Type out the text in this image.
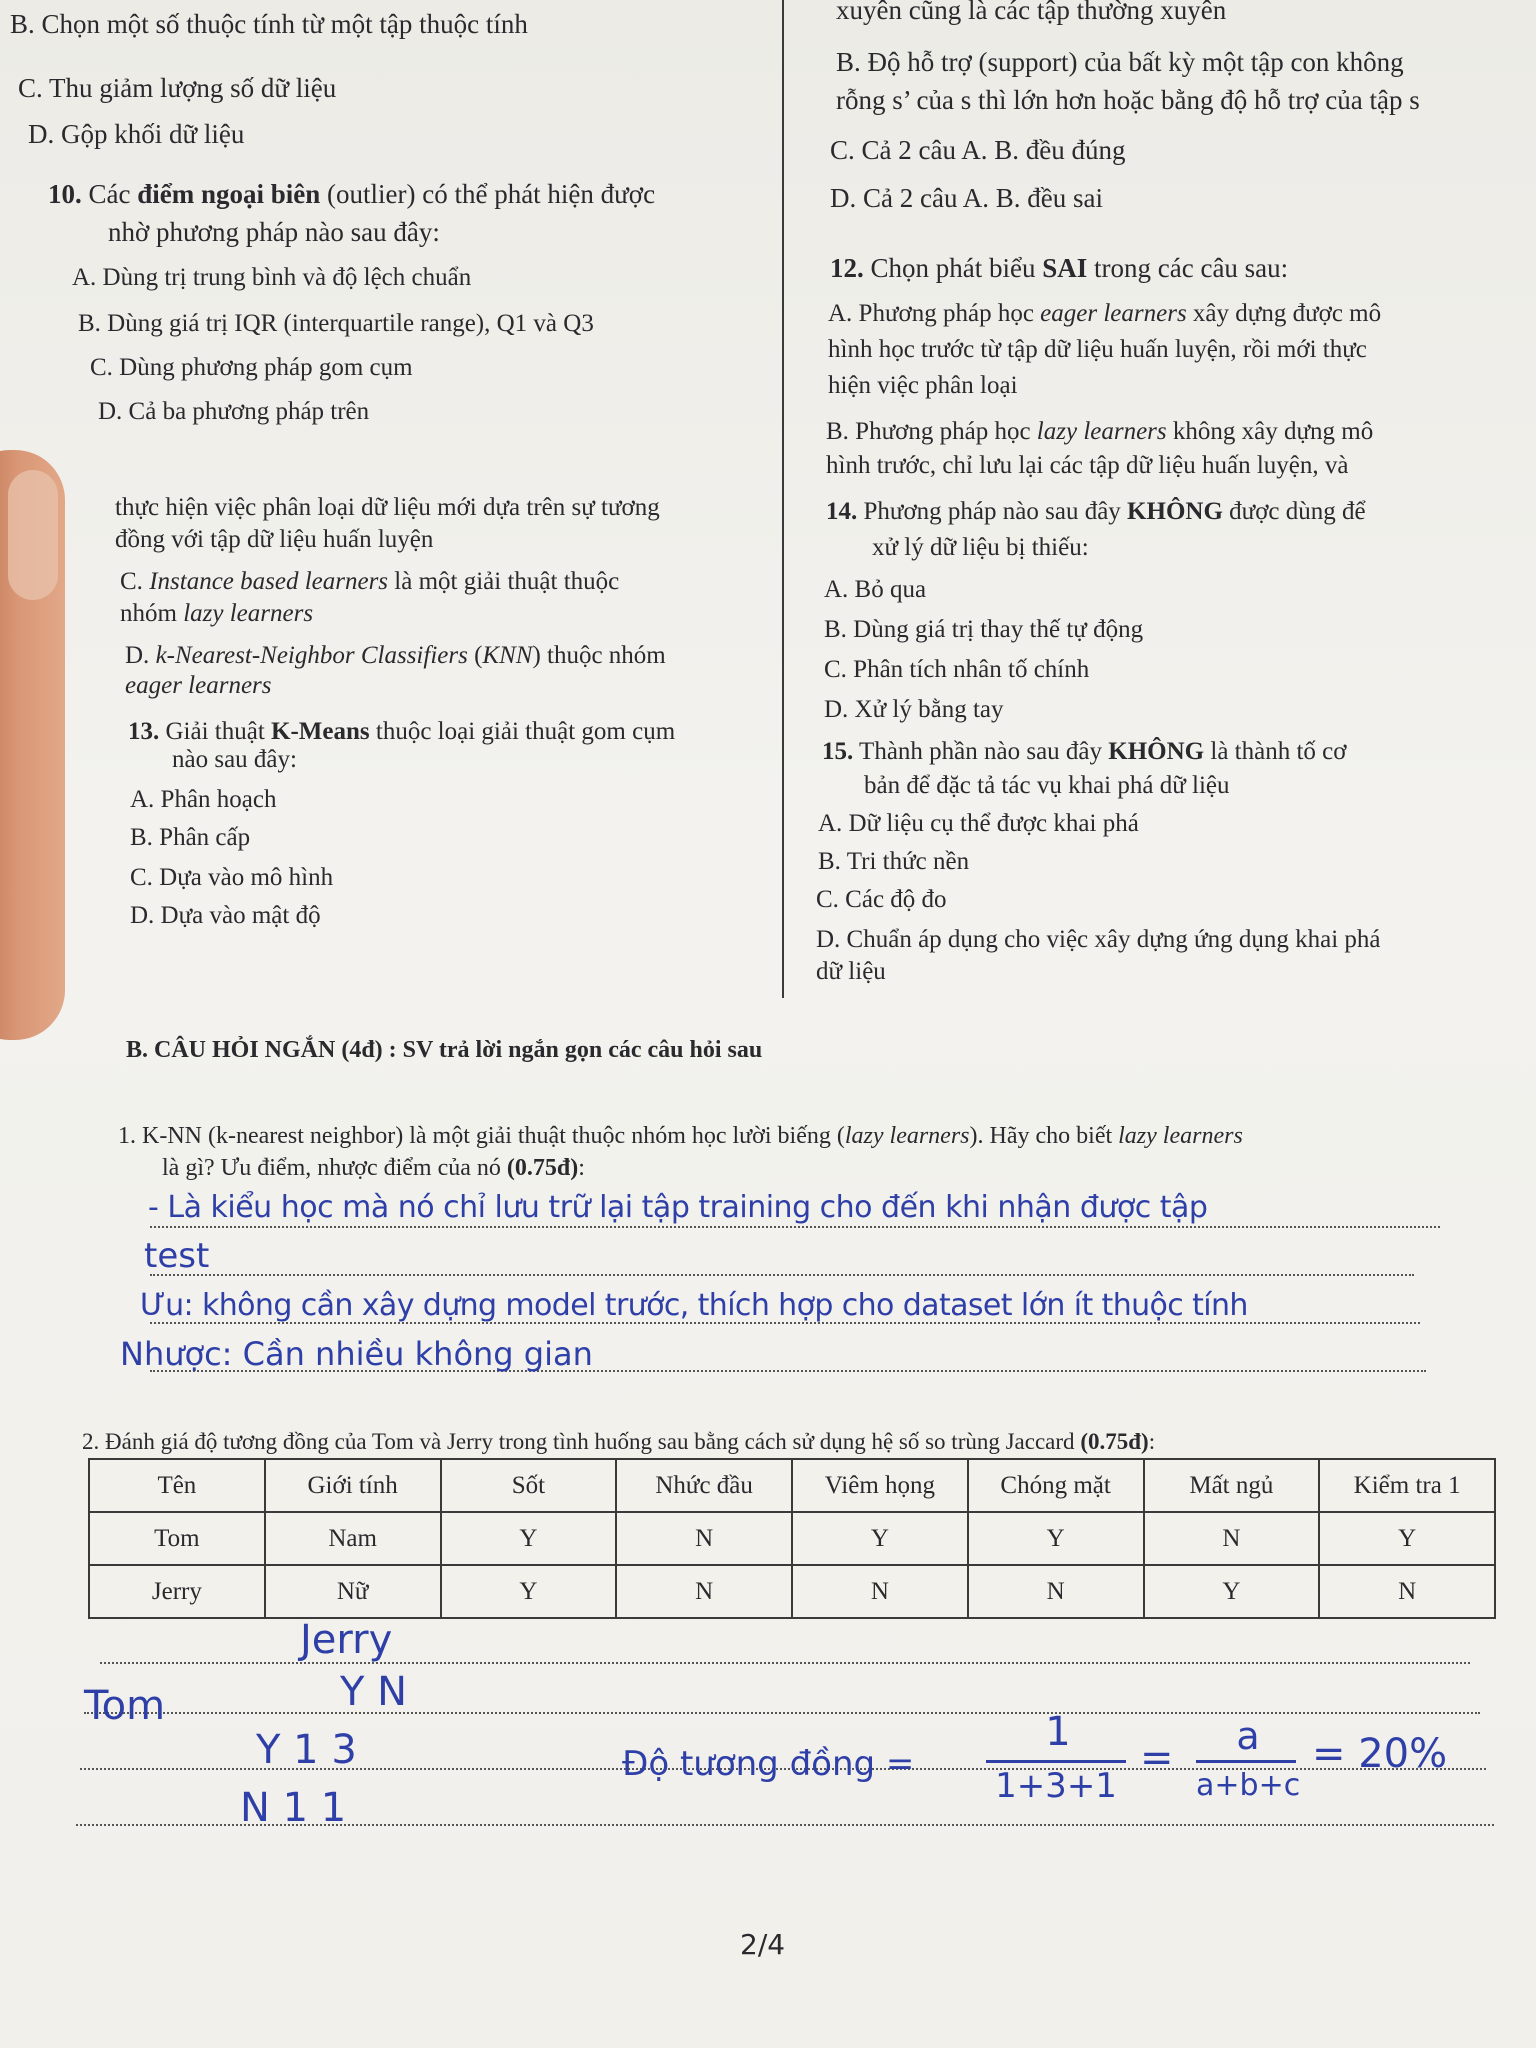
B. Chọn một số thuộc tính từ một tập thuộc tính
C. Thu giảm lượng số dữ liệu
D. Gộp khối dữ liệu
10. Các điểm ngoại biên (outlier) có thể phát hiện được
nhờ phương pháp nào sau đây:
A. Dùng trị trung bình và độ lệch chuẩn
B. Dùng giá trị IQR (interquartile range), Q1 và Q3
C. Dùng phương pháp gom cụm
D. Cả ba phương pháp trên
thực hiện việc phân loại dữ liệu mới dựa trên sự tương
đồng với tập dữ liệu huấn luyện
C. Instance based learners là một giải thuật thuộc
nhóm lazy learners
D. k-Nearest-Neighbor Classifiers (KNN) thuộc nhóm
eager learners
13. Giải thuật K-Means thuộc loại giải thuật gom cụm
nào sau đây:
A. Phân hoạch
B. Phân cấp
C. Dựa vào mô hình
D. Dựa vào mật độ
xuyên cũng là các tập thường xuyên
B. Độ hỗ trợ (support) của bất kỳ một tập con không
rỗng s’ của s thì lớn hơn hoặc bằng độ hỗ trợ của tập s
C. Cả 2 câu A. B. đều đúng
D. Cả 2 câu A. B. đều sai
12. Chọn phát biểu SAI trong các câu sau:
A. Phương pháp học eager learners xây dựng được mô
hình học trước từ tập dữ liệu huấn luyện, rồi mới thực
hiện việc phân loại
B. Phương pháp học lazy learners không xây dựng mô
hình trước, chỉ lưu lại các tập dữ liệu huấn luyện, và
14. Phương pháp nào sau đây KHÔNG được dùng để
xử lý dữ liệu bị thiếu:
A. Bỏ qua
B. Dùng giá trị thay thế tự động
C. Phân tích nhân tố chính
D. Xử lý bằng tay
15. Thành phần nào sau đây KHÔNG là thành tố cơ
bản để đặc tả tác vụ khai phá dữ liệu
A. Dữ liệu cụ thể được khai phá
B. Tri thức nền
C. Các độ đo
D. Chuẩn áp dụng cho việc xây dựng ứng dụng khai phá
dữ liệu
B. CÂU HỎI NGẮN (4đ) : SV trả lời ngắn gọn các câu hỏi sau
1. K-NN (k-nearest neighbor) là một giải thuật thuộc nhóm học lười biếng (lazy learners). Hãy cho biết lazy learners
là gì? Ưu điểm, nhược điểm của nó (0.75đ):
- Là kiểu học mà nó chỉ lưu trữ lại tập training cho đến khi nhận được tập
test
Ưu: không cần xây dựng model trước, thích hợp cho dataset lớn ít thuộc tính
Nhược: Cần nhiều không gian
2. Đánh giá độ tương đồng của Tom và Jerry trong tình huống sau bằng cách sử dụng hệ số so trùng Jaccard (0.75đ):
Tên	Giới tính	Sốt	Nhức đầu	Viêm họng	Chóng mặt	Mất ngủ	Kiểm tra 1
Tom	Nam	Y	N	Y	Y	N	Y
Jerry	Nữ	Y	N	N	N	Y	N
Jerry
Y N
Tom
Y 1 3
N 1 1
Độ tương đồng =
1
1+3+1
=	a
a+b+c
= 20%
2/4
